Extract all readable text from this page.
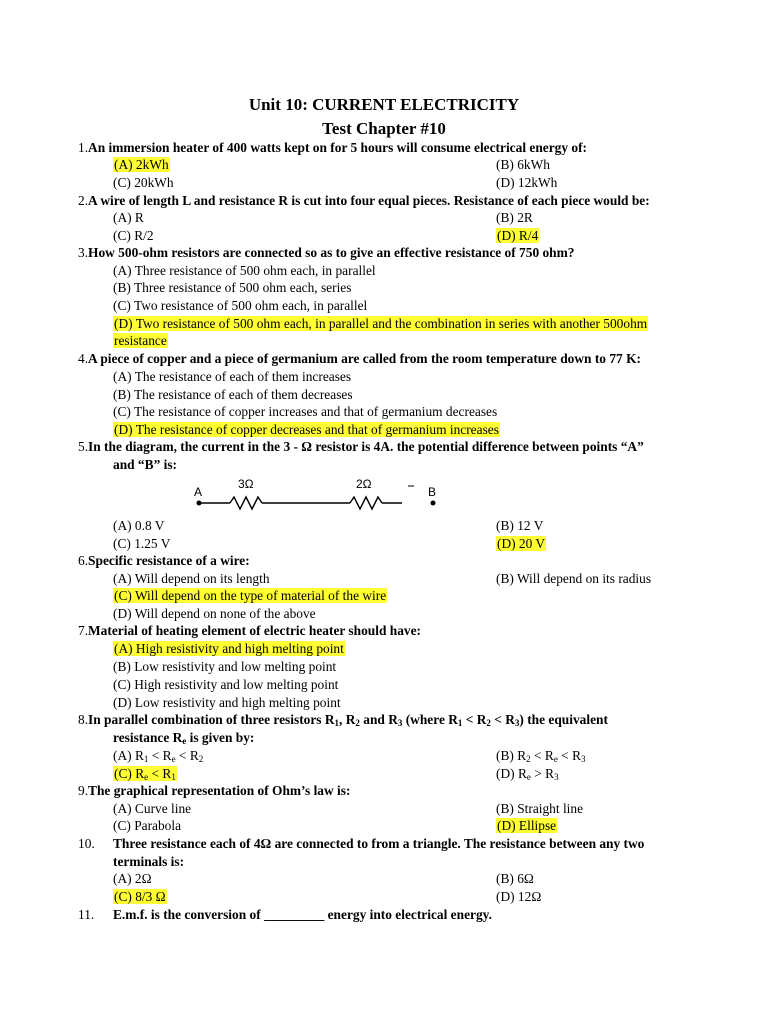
Unit 10: CURRENT ELECTRICITY
Test Chapter #10
1.An immersion heater of 400 watts kept on for 5 hours will consume electrical energy of:
(A) 2kWh	(B) 6kWh
(C) 20kWh	(D) 12kWh
2.A wire of length L and resistance R is cut into four equal pieces. Resistance of each piece would be:
(A) R	(B) 2R
(C) R/2	(D) R/4
3.How 500-ohm resistors are connected so as to give an effective resistance of 750 ohm?
(A) Three resistance of 500 ohm each, in parallel
(B) Three resistance of 500 ohm each, series
(C) Two resistance of 500 ohm each, in parallel
(D) Two resistance of 500 ohm each, in parallel and the combination in series with another 500ohm
resistance
4.A piece of copper and a piece of germanium are called from the room temperature down to 77 K:
(A) The resistance of each of them increases
(B) The resistance of each of them decreases
(C) The resistance of copper increases and that of germanium decreases
(D) The resistance of copper decreases and that of germanium increases
5.In the diagram, the current in the 3 - Ω resistor is 4A. the potential difference between points “A”
and “B” is:
A
3Ω	2Ω
B
(A) 0.8 V	(B) 12 V
(C) 1.25 V	(D) 20 V
6.Specific resistance of a wire:
(A) Will depend on its length	(B) Will depend on its radius
(C) Will depend on the type of material of the wire
(D) Will depend on none of the above
7.Material of heating element of electric heater should have:
(A) High resistivity and high melting point
(B) Low resistivity and low melting point
(C) High resistivity and low melting point
(D) Low resistivity and high melting point
8.In parallel combination of three resistors $R_1$, $R_2$ and $R_3$ (where $R_1 < R_2 < R_3$) the equivalent
resistance $R_e$ is given by:
(A) $R_1 < R_e < R_2$	(B) $R_2 < R_e < R_3$
(C) $R_e < R_1$	(D) $R_e > R_3$
9.The graphical representation of Ohm’s law is:
(A) Curve line	(B) Straight line
(C) Parabola	(D) Ellipse
10. Three resistance each of 4Ω are connected to from a triangle. The resistance between any two
terminals is:
(A) 2Ω	(B) 6Ω
(C) 8/3 Ω	(D) 12Ω
11. E.m.f. is the conversion of _________ energy into electrical energy.
